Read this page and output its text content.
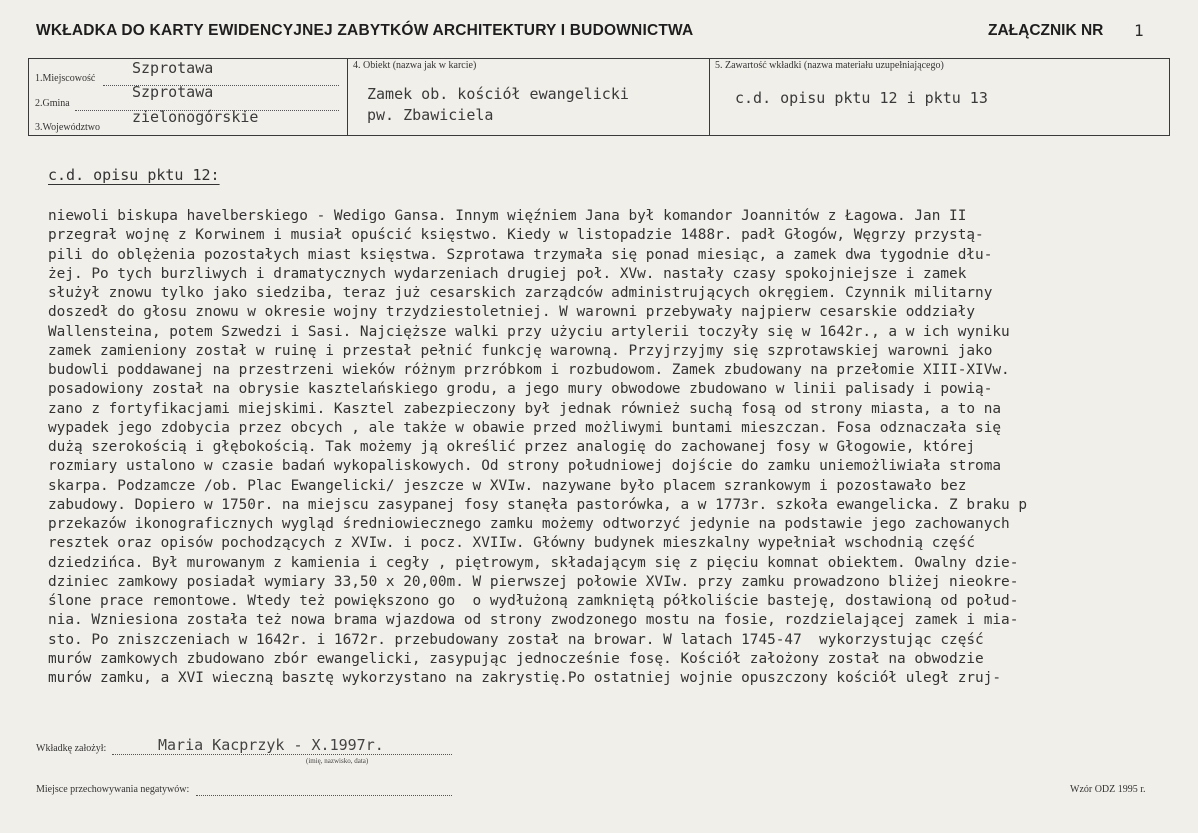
WKŁADKA DO KARTY EWIDENCYJNEJ ZABYTKÓW ARCHITEKTURY I BUDOWNICTWA	ZAŁĄCZNIK NR 1
1.Miejscowość
Szprotawa
2.Gmina
Szprotawa
3.Województwo
zielonogórskie
4. Obiekt (nazwa jak w karcie)
Zamek ob. kościół ewangelicki
pw. Zbawiciela
5. Zawartość wkładki (nazwa materiału uzupełniającego)
c.d. opisu pktu 12 i pktu 13
c.d. opisu pktu 12:
niewoli biskupa havelberskiego - Wedigo Gansa. Innym więźniem Jana był komandor Joannitów z Łagowa. Jan II
przegrał wojnę z Korwinem i musiał opuścić księstwo. Kiedy w listopadzie 1488r. padł Głogów, Węgrzy przystą-
pili do oblężenia pozostałych miast księstwa. Szprotawa trzymała się ponad miesiąc, a zamek dwa tygodnie dłu-
żej. Po tych burzliwych i dramatycznych wydarzeniach drugiej poł. XVw. nastały czasy spokojniejsze i zamek
służył znowu tylko jako siedziba, teraz już cesarskich zarządców administrujących okręgiem. Czynnik militarny
doszedł do głosu znowu w okresie wojny trzydziestoletniej. W warowni przebywały najpierw cesarskie oddziały
Wallensteina, potem Szwedzi i Sasi. Najcięższe walki przy użyciu artylerii toczyły się w 1642r., a w ich wyniku
zamek zamieniony został w ruinę i przestał pełnić funkcję warowną. Przyjrzyjmy się szprotawskiej warowni jako
budowli poddawanej na przestrzeni wieków różnym przróbkom i rozbudowom. Zamek zbudowany na przełomie XIII-XIVw.
posadowiony został na obrysie kasztelańskiego grodu, a jego mury obwodowe zbudowano w linii palisady i powią-
zano z fortyfikacjami miejskimi. Kasztel zabezpieczony był jednak również suchą fosą od strony miasta, a to na
wypadek jego zdobycia przez obcych , ale także w obawie przed możliwymi buntami mieszczan. Fosa odznaczała się
dużą szerokością i głębokością. Tak możemy ją określić przez analogię do zachowanej fosy w Głogowie, której
rozmiary ustalono w czasie badań wykopaliskowych. Od strony południowej dojście do zamku uniemożliwiała stroma
skarpa. Podzamcze /ob. Plac Ewangelicki/ jeszcze w XVIw. nazywane było placem szrankowym i pozostawało bez
zabudowy. Dopiero w 1750r. na miejscu zasypanej fosy stanęła pastorówka, a w 1773r. szkoła ewangelicka. Z braku p
przekazów ikonograficznych wygląd średniowiecznego zamku możemy odtworzyć jedynie na podstawie jego zachowanych
resztek oraz opisów pochodzących z XVIw. i pocz. XVIIw. Główny budynek mieszkalny wypełniał wschodnią część
dziedzińca. Był murowanym z kamienia i cegły , piętrowym, składającym się z pięciu komnat obiektem. Owalny dzie-
dziniec zamkowy posiadał wymiary 33,50 x 20,00m. W pierwszej połowie XVIw. przy zamku prowadzono bliżej nieokre-
ślone prace remontowe. Wtedy też powiększono go  o wydłużoną zamkniętą półkoliście basteję, dostawioną od połud-
nia. Wzniesiona została też nowa brama wjazdowa od strony zwodzonego mostu na fosie, rozdzielającej zamek i mia-
sto. Po zniszczeniach w 1642r. i 1672r. przebudowany został na browar. W latach 1745-47  wykorzystując część
murów zamkowych zbudowano zbór ewangelicki, zasypując jednocześnie fosę. Kościół założony został na obwodzie
murów zamku, a XVI wieczną basztę wykorzystano na zakrystię.Po ostatniej wojnie opuszczony kościół uległ zruj-
Wkładkę założył:	Maria Kacprzyk - X.1997r.
(imię, nazwisko, data)
Miejsce przechowywania negatywów:	Wzór ODZ 1995 r.
